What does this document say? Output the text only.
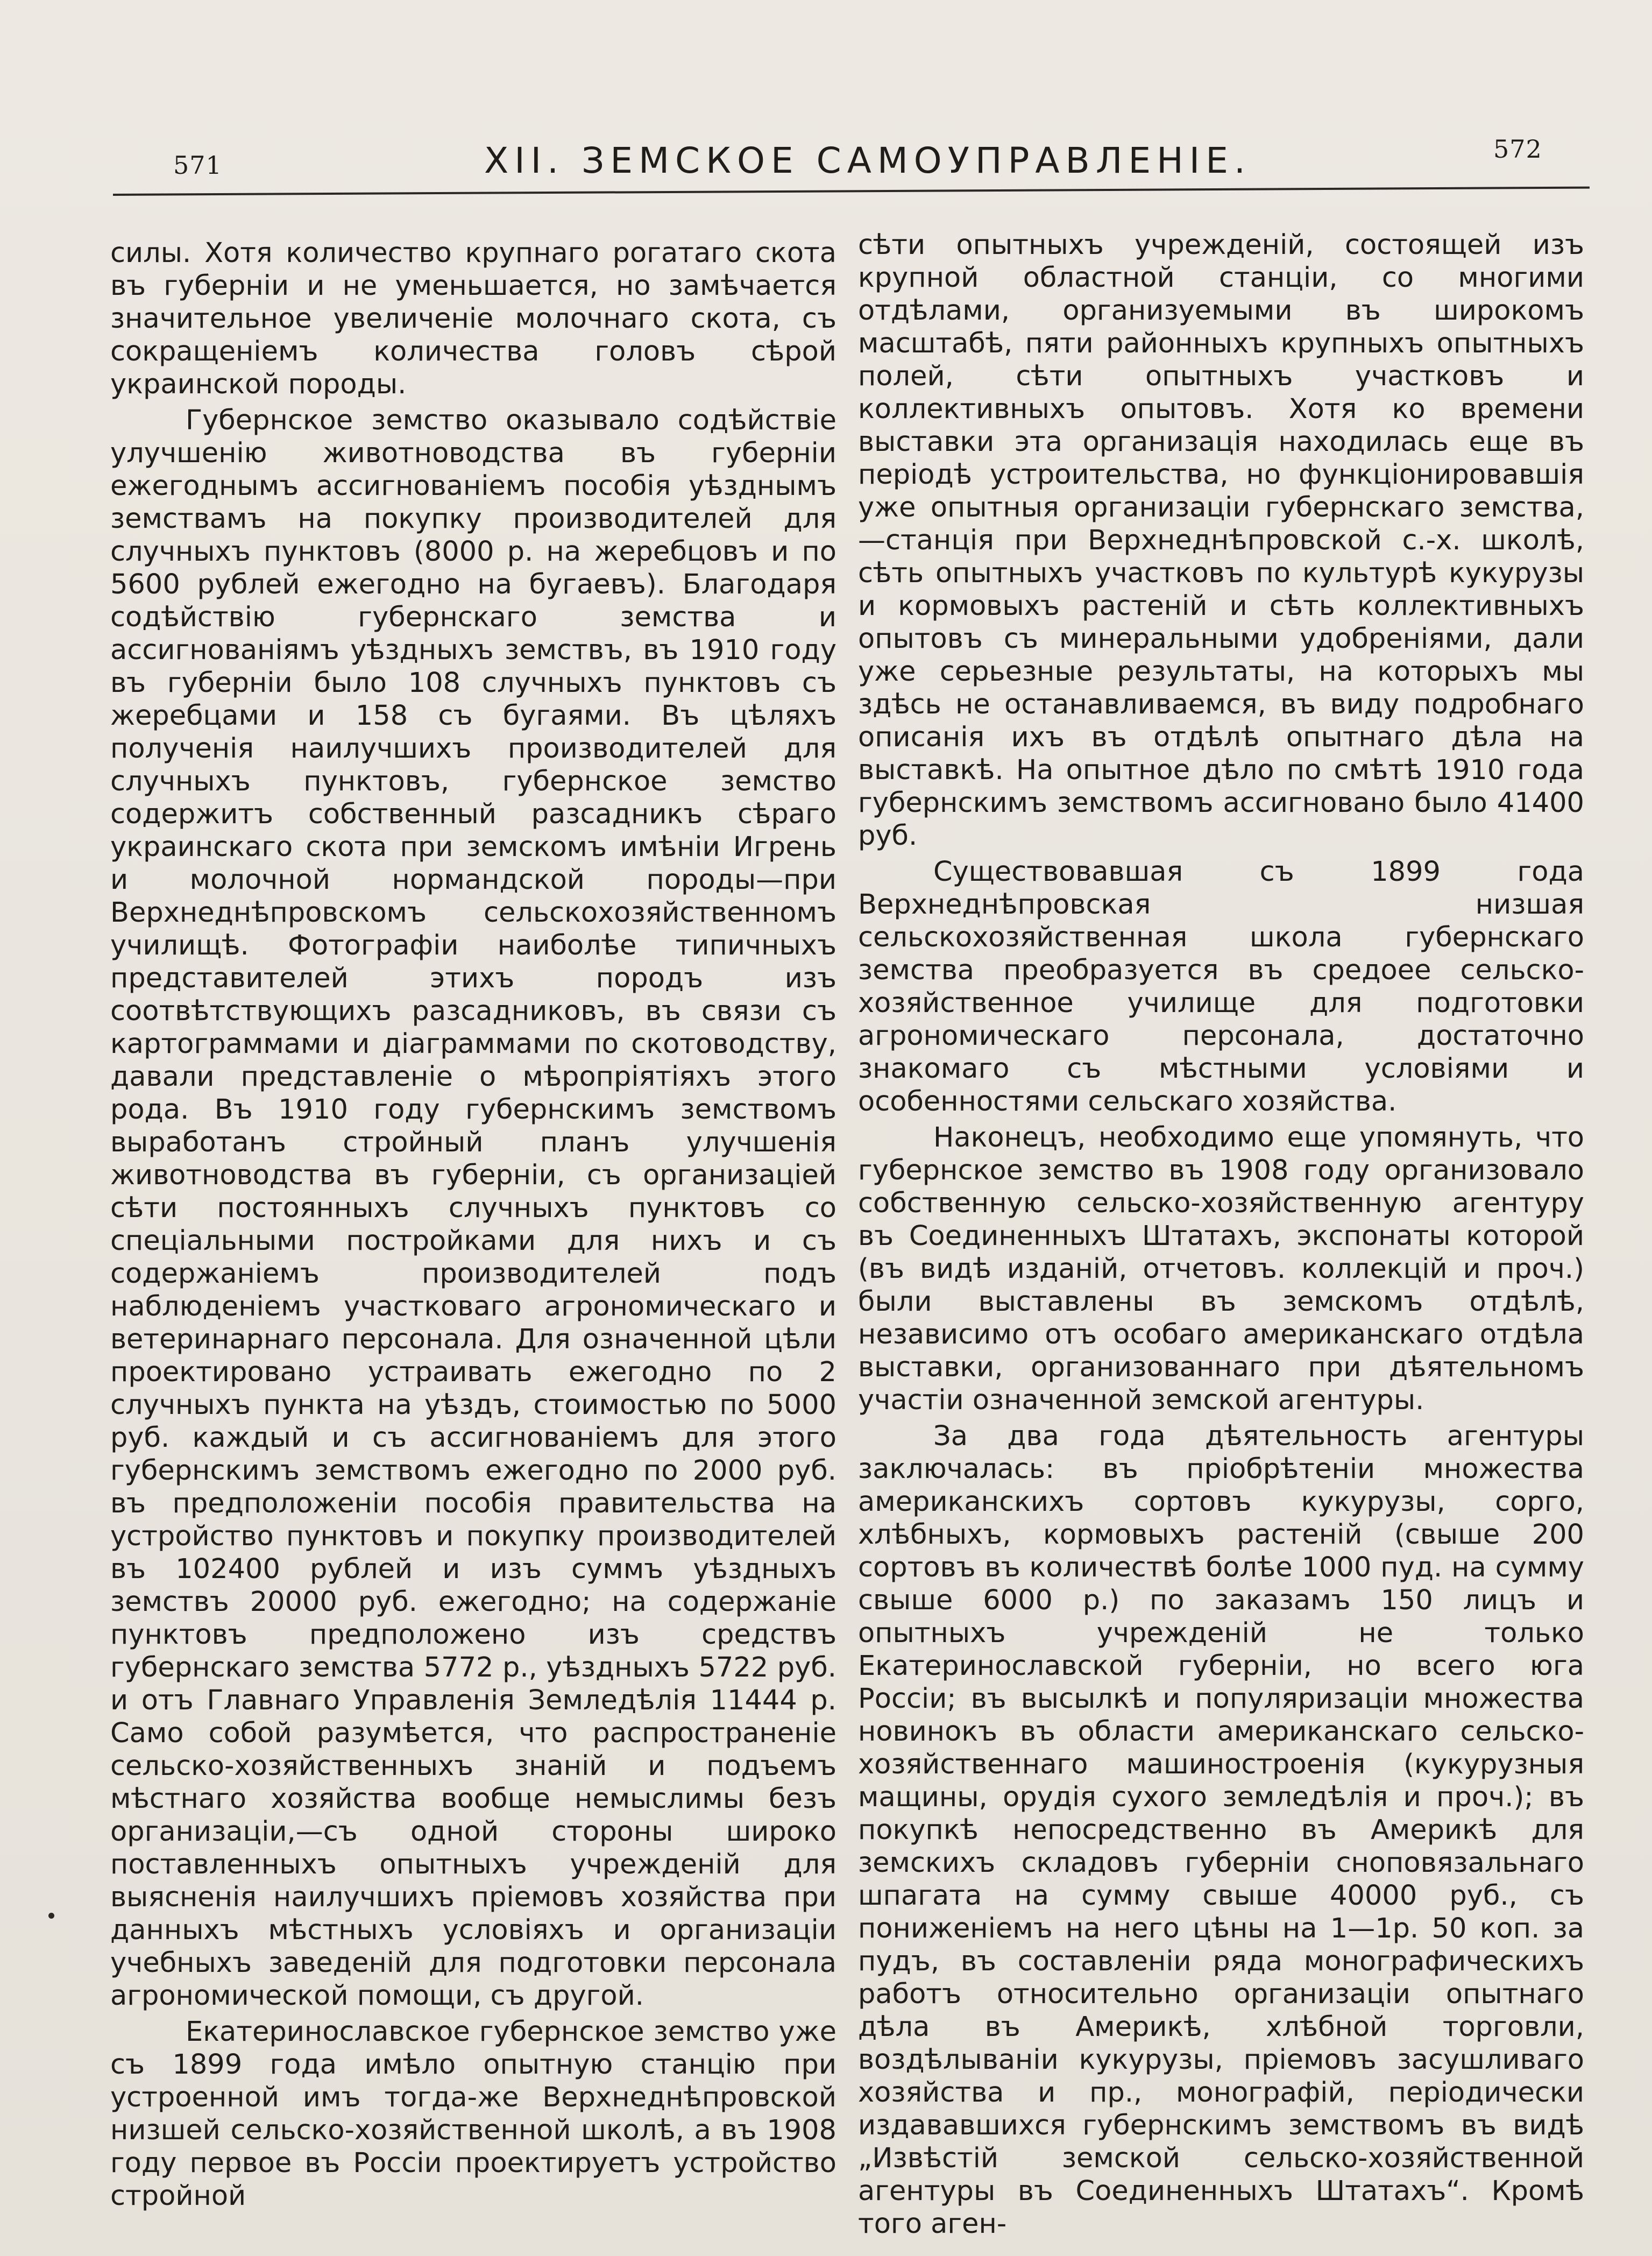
571	XII. ЗЕМСКОЕ САМОУПРАВЛЕНІЕ.	572

силы. Хотя количество крупнаго рогатаго скота въ губерніи и не уменьшается, но замѣчается значительное увеличеніе молочнаго скота, съ сокращеніемъ количества головъ сѣрой украинской породы.

Губернское земство оказывало содѣйствіе улучшенію животноводства въ губерніи ежегоднымъ ассигнованіемъ пособія уѣзднымъ земствамъ на покупку производителей для случныхъ пунктовъ (8000 р. на жеребцовъ и по 5600 рублей ежегодно на бугаевъ). Благодаря содѣйствію губернскаго земства и ассигнованіямъ уѣздныхъ земствъ, въ 1910 году въ губерніи было 108 случныхъ пунктовъ съ жеребцами и 158 съ бугаями. Въ цѣляхъ полученія наилучшихъ производителей для случныхъ пунктовъ, губернское земство содержитъ собственный разсадникъ сѣраго украинскаго скота при земскомъ имѣніи Игрень и молочной нормандской породы—при Верхнеднѣпровскомъ сельскохозяйственномъ училищѣ. Фотографіи наиболѣе типичныхъ представителей этихъ породъ изъ соотвѣтствующихъ разсадниковъ, въ связи съ картограммами и діаграммами по скотоводству, давали представленіе о мѣропріятіяхъ этого рода. Въ 1910 году губернскимъ земствомъ выработанъ стройный планъ улучшенія животноводства въ губерніи, съ организаціей сѣти постоянныхъ случныхъ пунктовъ со спеціальными постройками для нихъ и съ содержаніемъ производителей подъ наблюденіемъ участковаго агрономическаго и ветеринарнаго персонала. Для означенной цѣли проектировано устраивать ежегодно по 2 случныхъ пункта на уѣздъ, стоимостью по 5000 руб. каждый и съ ассигнованіемъ для этого губернскимъ земствомъ ежегодно по 2000 руб. въ предположеніи пособія правительства на устройство пунктовъ и покупку производителей въ 102400 рублей и изъ суммъ уѣздныхъ земствъ 20000 руб. ежегодно; на содержаніе пунктовъ предположено изъ средствъ губернскаго земства 5772 р., уѣздныхъ 5722 руб. и отъ Главнаго Управленія Земледѣлія 11444 р. Само собой разумѣется, что распространеніе сельско-хозяйственныхъ знаній и подъемъ мѣстнаго хозяйства вообще немыслимы безъ организаціи,—съ одной стороны широко поставленныхъ опытныхъ учрежденій для выясненія наилучшихъ пріемовъ хозяйства при данныхъ мѣстныхъ условіяхъ и организаціи учебныхъ заведеній для подготовки персонала агрономической помощи, съ другой.

Екатеринославское губернское земство уже съ 1899 года имѣло опытную станцію при устроенной имъ тогда-же Верхнеднѣпровской низшей сельско-хозяйственной школѣ, а въ 1908 году первое въ Россіи проектируетъ устройство стройной

сѣти опытныхъ учрежденій, состоящей изъ крупной областной станціи, со многими отдѣлами, организуемыми въ широкомъ масштабѣ, пяти районныхъ крупныхъ опытныхъ полей, сѣти опытныхъ участковъ и коллективныхъ опытовъ. Хотя ко времени выставки эта организація находилась еще въ періодѣ устроительства, но функціонировавшія уже опытныя организаціи губернскаго земства,—станція при Верхнеднѣпровской с.-х. школѣ, сѣть опытныхъ участковъ по культурѣ кукурузы и кормовыхъ растеній и сѣть коллективныхъ опытовъ съ минеральными удобреніями, дали уже серьезные результаты, на которыхъ мы здѣсь не останавливаемся, въ виду подробнаго описанія ихъ въ отдѣлѣ опытнаго дѣла на выставкѣ. На опытное дѣло по смѣтѣ 1910 года губернскимъ земствомъ ассигновано было 41400 руб.

Существовавшая съ 1899 года Верхнеднѣпровская низшая сельскохозяйственная школа губернскаго земства преобразуется въ средоее сельско-хозяйственное училище для подготовки агрономическаго персонала, достаточно знакомаго съ мѣстными условіями и особенностями сельскаго хозяйства.

Наконецъ, необходимо еще упомянуть, что губернское земство въ 1908 году организовало собственную сельско-хозяйственную агентуру въ Соединенныхъ Штатахъ, экспонаты которой (въ видѣ изданій, отчетовъ. коллекцій и проч.) были выставлены въ земскомъ отдѣлѣ, независимо отъ особаго американскаго отдѣла выставки, организованнаго при дѣятельномъ участіи означенной земской агентуры.

За два года дѣятельность агентуры заключалась: въ пріобрѣтеніи множества американскихъ сортовъ кукурузы, сорго, хлѣбныхъ, кормовыхъ растеній (свыше 200 сортовъ въ количествѣ болѣе 1000 пуд. на сумму свыше 6000 р.) по заказамъ 150 лицъ и опытныхъ учрежденій не только Екатеринославской губерніи, но всего юга Россіи; въ высылкѣ и популяризаціи множества новинокъ въ области американскаго сельско-хозяйственнаго машиностроенія (кукурузныя мащины, орудія сухого земледѣлія и проч.); въ покупкѣ непосредственно въ Америкѣ для земскихъ складовъ губерніи сноповязальнаго шпагата на сумму свыше 40000 руб., съ пониженіемъ на него цѣны на 1—1р. 50 коп. за пудъ, въ составленіи ряда монографическихъ работъ относительно организаціи опытнаго дѣла въ Америкѣ, хлѣбной торговли, воздѣлываніи кукурузы, пріемовъ засушливаго хозяйства и пр., монографій, періодически издававшихся губернскимъ земствомъ въ видѣ „Извѣстій земской сельско-хозяйственной агентуры въ Соединенныхъ Штатахъ“. Кромѣ того аген-
